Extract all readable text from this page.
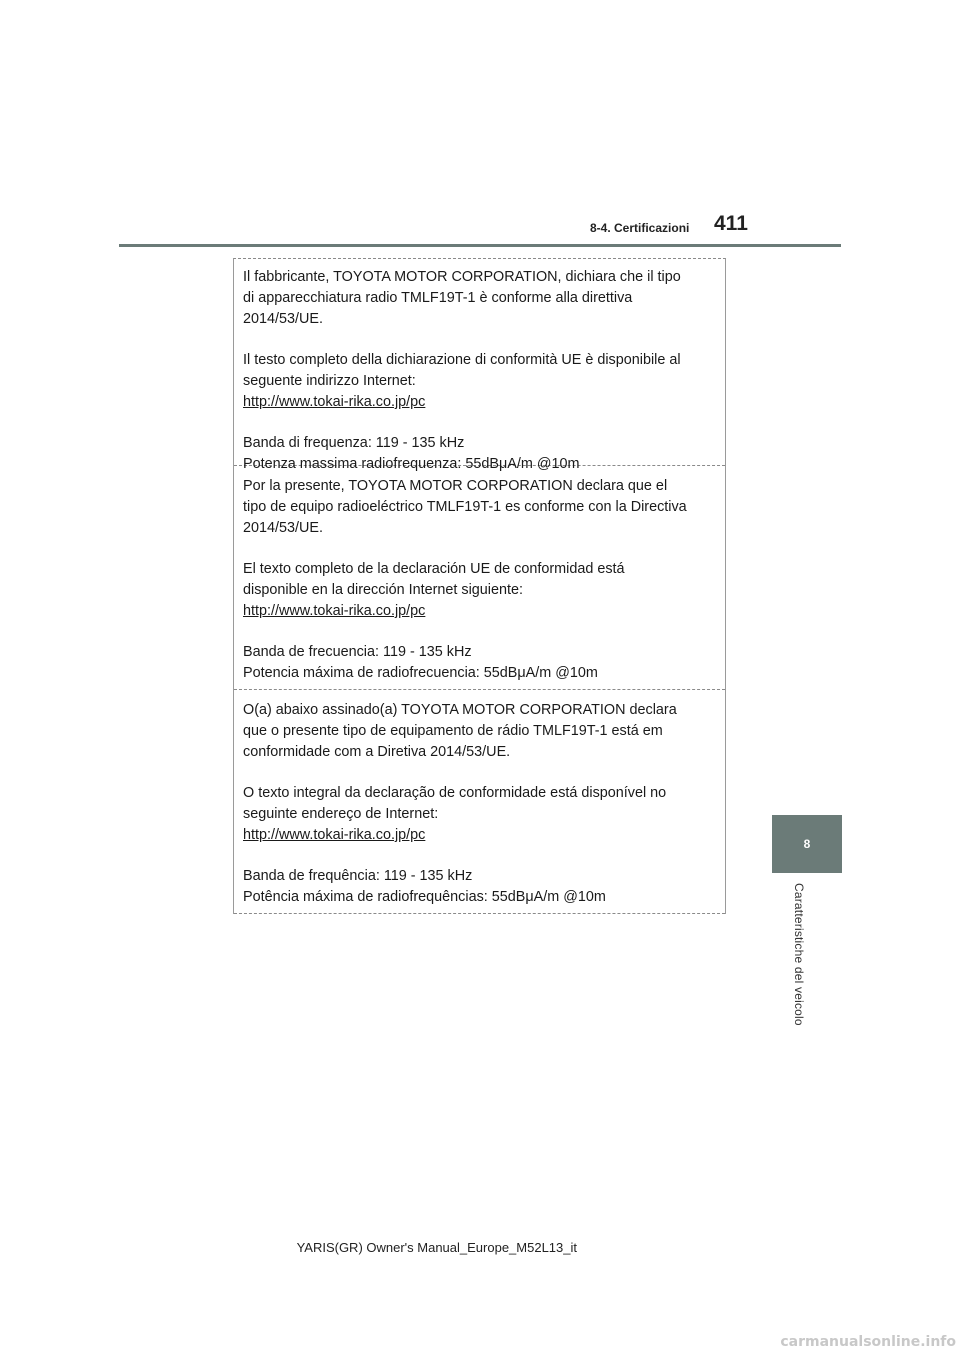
8-4. Certificazioni 411

Il fabbricante, TOYOTA MOTOR CORPORATION, dichiara che il tipo
di apparecchiatura radio TMLF19T-1 è conforme alla direttiva
2014/53/UE.

Il testo completo della dichiarazione di conformità UE è disponibile al
seguente indirizzo Internet:
http://www.tokai-rika.co.jp/pc

Banda di frequenza: 119 - 135 kHz
Potenza massima radiofrequenza: 55dBμA/m @10m

Por la presente, TOYOTA MOTOR CORPORATION declara que el
tipo de equipo radioeléctrico TMLF19T-1 es conforme con la Directiva
2014/53/UE.

El texto completo de la declaración UE de conformidad está
disponible en la dirección Internet siguiente:
http://www.tokai-rika.co.jp/pc

Banda de frecuencia: 119 - 135 kHz
Potencia máxima de radiofrecuencia: 55dBμA/m @10m

O(a) abaixo assinado(a) TOYOTA MOTOR CORPORATION declara
que o presente tipo de equipamento de rádio TMLF19T-1 está em
conformidade com a Diretiva 2014/53/UE.

O texto integral da declaração de conformidade está disponível no
seguinte endereço de Internet:
http://www.tokai-rika.co.jp/pc

Banda de frequência: 119 - 135 kHz
Potência máxima de radiofrequências: 55dBμA/m @10m

8
Caratteristiche del veicolo
YARIS(GR) Owner's Manual_Europe_M52L13_it
carmanualsonline.info
